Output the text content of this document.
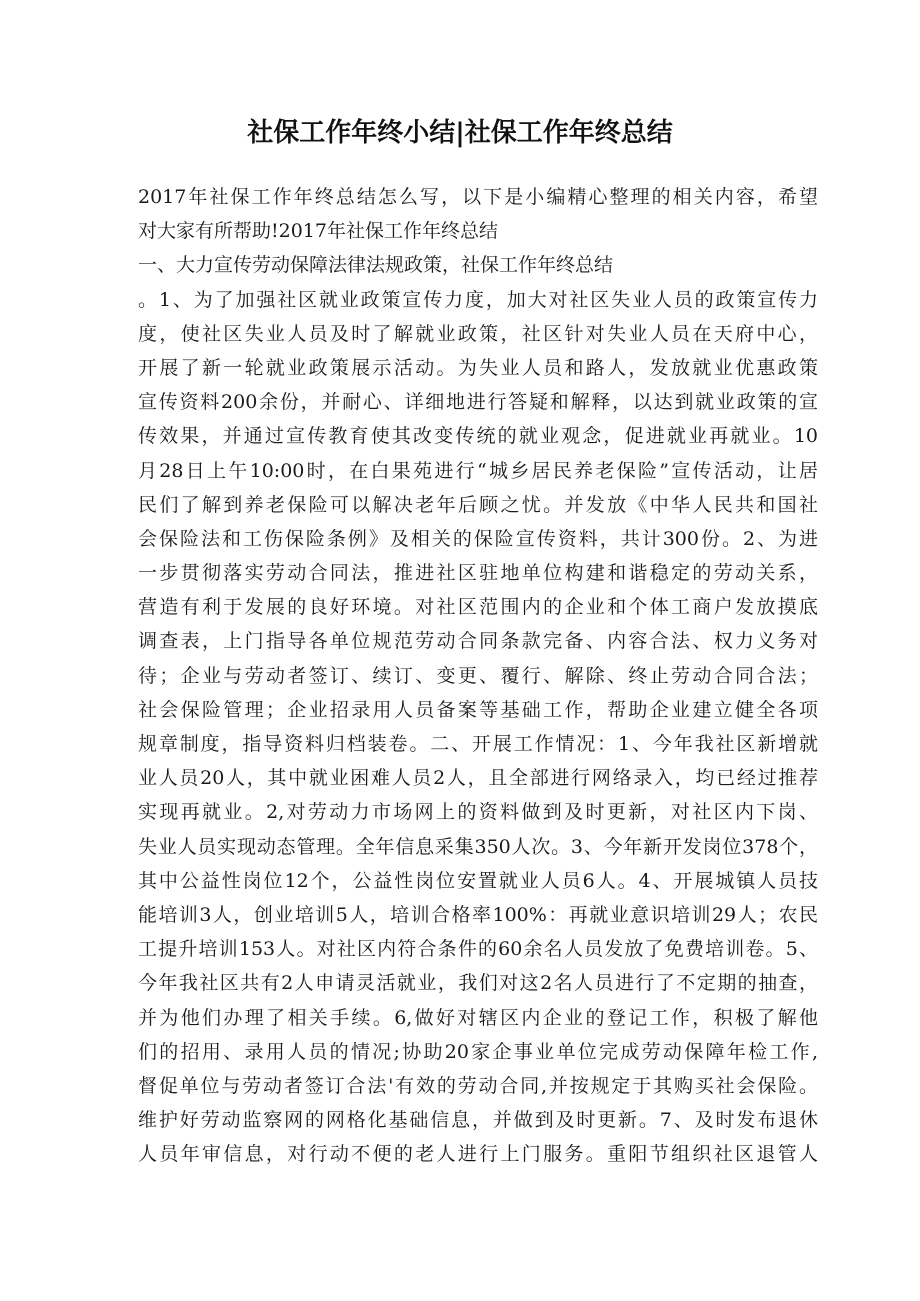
社保工作年终小结|社保工作年终总结
2017年社保工作年终总结怎么写，以下是小编精心整理的相关内容，希望
对大家有所帮助!2017年社保工作年终总结
一、大力宣传劳动保障法律法规政策，社保工作年终总结
。1、为了加强社区就业政策宣传力度，加大对社区失业人员的政策宣传力
度，使社区失业人员及时了解就业政策，社区针对失业人员在天府中心，
开展了新一轮就业政策展示活动。为失业人员和路人，发放就业优惠政策
宣传资料200余份，并耐心、详细地进行答疑和解释，以达到就业政策的宣
传效果，并通过宣传教育使其改变传统的就业观念，促进就业再就业。10
月28日上午10:00时，在白果苑进行“城乡居民养老保险”宣传活动，让居
民们了解到养老保险可以解决老年后顾之忧。并发放《中华人民共和国社
会保险法和工伤保险条例》及相关的保险宣传资料，共计300份。2、为进
一步贯彻落实劳动合同法，推进社区驻地单位构建和谐稳定的劳动关系，
营造有利于发展的良好环境。对社区范围内的企业和个体工商户发放摸底
调查表，上门指导各单位规范劳动合同条款完备、内容合法、权力义务对
待；企业与劳动者签订、续订、变更、覆行、解除、终止劳动合同合法；
社会保险管理；企业招录用人员备案等基础工作，帮助企业建立健全各项
规章制度，指导资料归档装卷。二、开展工作情况：1、今年我社区新增就
业人员20人，其中就业困难人员2人，且全部进行网络录入，均已经过推荐
实现再就业。2,对劳动力市场网上的资料做到及时更新，对社区内下岗、
失业人员实现动态管理。全年信息采集350人次。3、今年新开发岗位378个，
其中公益性岗位12个，公益性岗位安置就业人员6人。4、开展城镇人员技
能培训3人，创业培训5人，培训合格率100%：再就业意识培训29人；农民
工提升培训153人。对社区内符合条件的60余名人员发放了免费培训卷。5、
今年我社区共有2人申请灵活就业，我们对这2名人员进行了不定期的抽查，
并为他们办理了相关手续。6,做好对辖区内企业的登记工作，积极了解他
们的招用、录用人员的情况;协助20家企事业单位完成劳动保障年检工作,
督促单位与劳动者签订合法'有效的劳动合同,并按规定于其购买社会保险。
维护好劳动监察网的网格化基础信息，并做到及时更新。7、及时发布退休
人员年审信息，对行动不便的老人进行上门服务。重阳节组织社区退管人
